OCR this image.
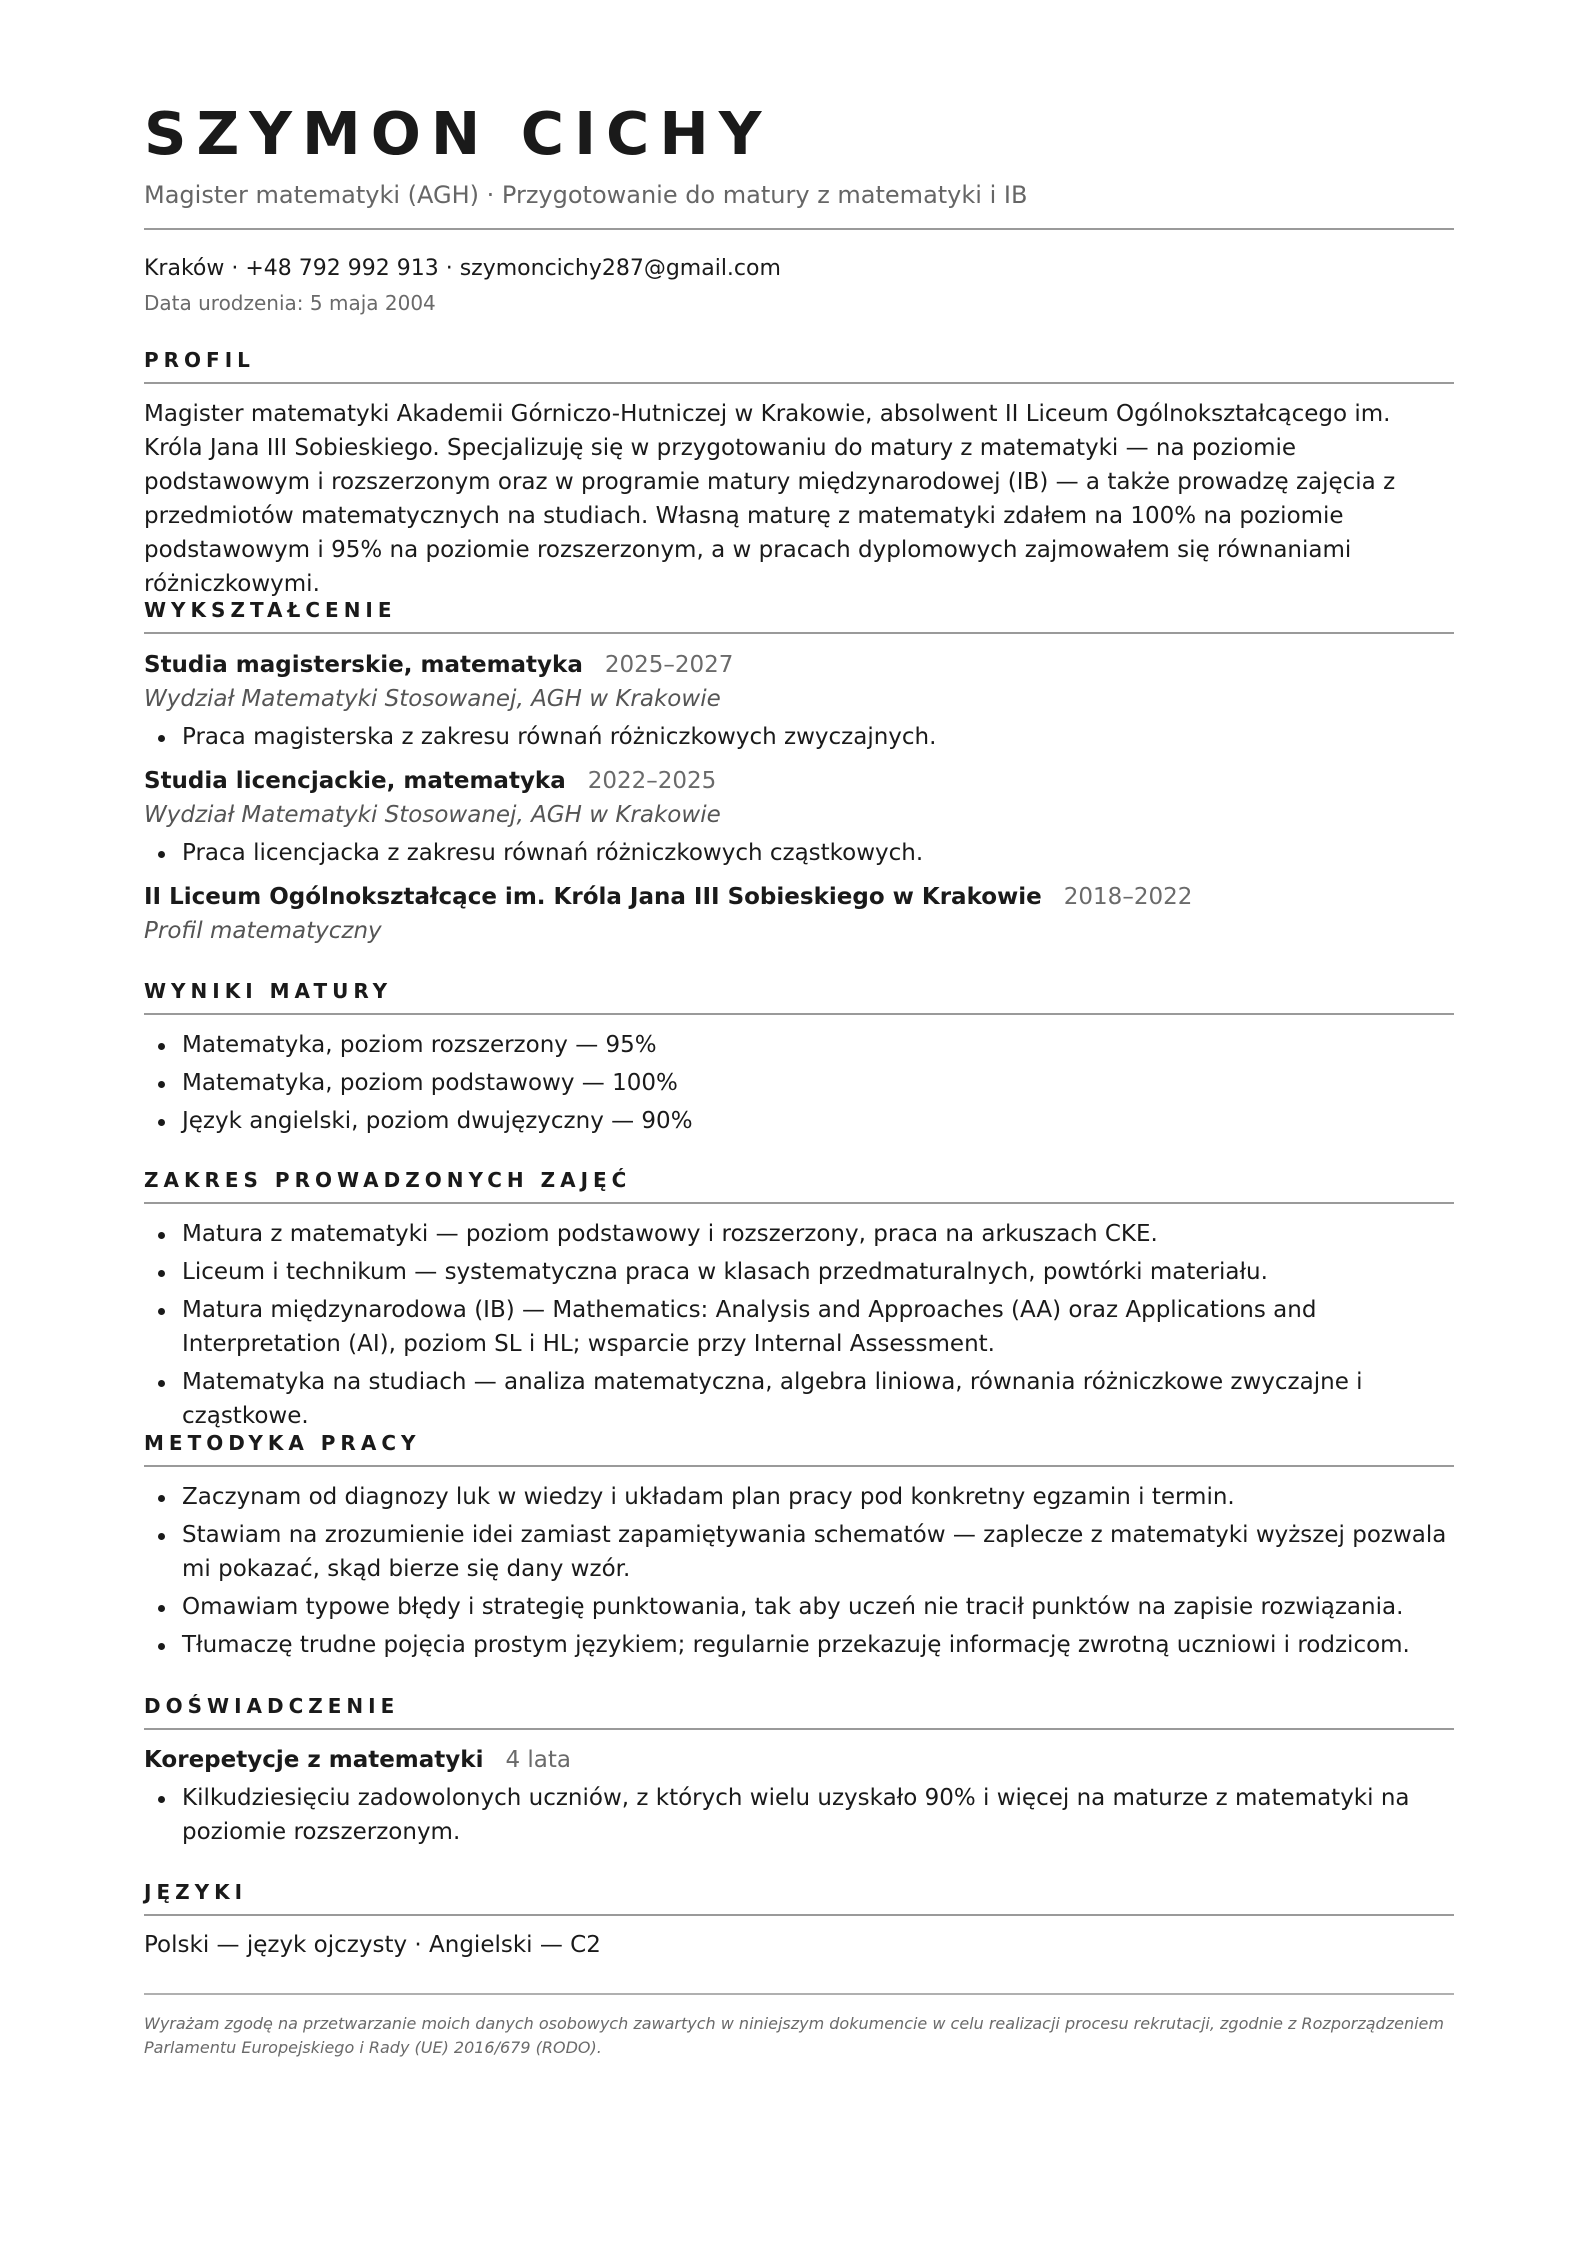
SZYMON CICHY
Magister matematyki (AGH) · Przygotowanie do matury z matematyki i IB
Kraków · +48 792 992 913 · szymoncichy287@gmail.com
Data urodzenia: 5 maja 2004
PROFIL
Magister matematyki Akademii Górniczo-Hutniczej w Krakowie, absolwent II Liceum Ogólnokształcącego im. Króla Jana III Sobieskiego. Specjalizuję się w przygotowaniu do matury z matematyki — na poziomie podstawowym i rozszerzonym oraz w programie matury międzynarodowej (IB) — a także prowadzę zajęcia z przedmiotów matematycznych na studiach. Własną maturę z matematyki zdałem na 100% na poziomie podstawowym i 95% na poziomie rozszerzonym, a w pracach dyplomowych zajmowałem się równaniami różniczkowymi.
WYKSZTAŁCENIE
Studia magisterskie, matematyka 2025–2027
Wydział Matematyki Stosowanej, AGH w Krakowie
Praca magisterska z zakresu równań różniczkowych zwyczajnych.
Studia licencjackie, matematyka 2022–2025
Wydział Matematyki Stosowanej, AGH w Krakowie
Praca licencjacka z zakresu równań różniczkowych cząstkowych.
II Liceum Ogólnokształcące im. Króla Jana III Sobieskiego w Krakowie 2018–2022
Profil matematyczny
WYNIKI MATURY
Matematyka, poziom rozszerzony — 95%
Matematyka, poziom podstawowy — 100%
Język angielski, poziom dwujęzyczny — 90%
ZAKRES PROWADZONYCH ZAJĘĆ
Matura z matematyki — poziom podstawowy i rozszerzony, praca na arkuszach CKE.
Liceum i technikum — systematyczna praca w klasach przedmaturalnych, powtórki materiału.
Matura międzynarodowa (IB) — Mathematics: Analysis and Approaches (AA) oraz Applications and Interpretation (AI), poziom SL i HL; wsparcie przy Internal Assessment.
Matematyka na studiach — analiza matematyczna, algebra liniowa, równania różniczkowe zwyczajne i cząstkowe.
METODYKA PRACY
Zaczynam od diagnozy luk w wiedzy i układam plan pracy pod konkretny egzamin i termin.
Stawiam na zrozumienie idei zamiast zapamiętywania schematów — zaplecze z matematyki wyższej pozwala mi pokazać, skąd bierze się dany wzór.
Omawiam typowe błędy i strategię punktowania, tak aby uczeń nie tracił punktów na zapisie rozwiązania.
Tłumaczę trudne pojęcia prostym językiem; regularnie przekazuję informację zwrotną uczniowi i rodzicom.
DOŚWIADCZENIE
Korepetycje z matematyki 4 lata
Kilkudziesięciu zadowolonych uczniów, z których wielu uzyskało 90% i więcej na maturze z matematyki na poziomie rozszerzonym.
JĘZYKI
Polski — język ojczysty · Angielski — C2
Wyrażam zgodę na przetwarzanie moich danych osobowych zawartych w niniejszym dokumencie w celu realizacji procesu rekrutacji, zgodnie z Rozporządzeniem Parlamentu Europejskiego i Rady (UE) 2016/679 (RODO).
